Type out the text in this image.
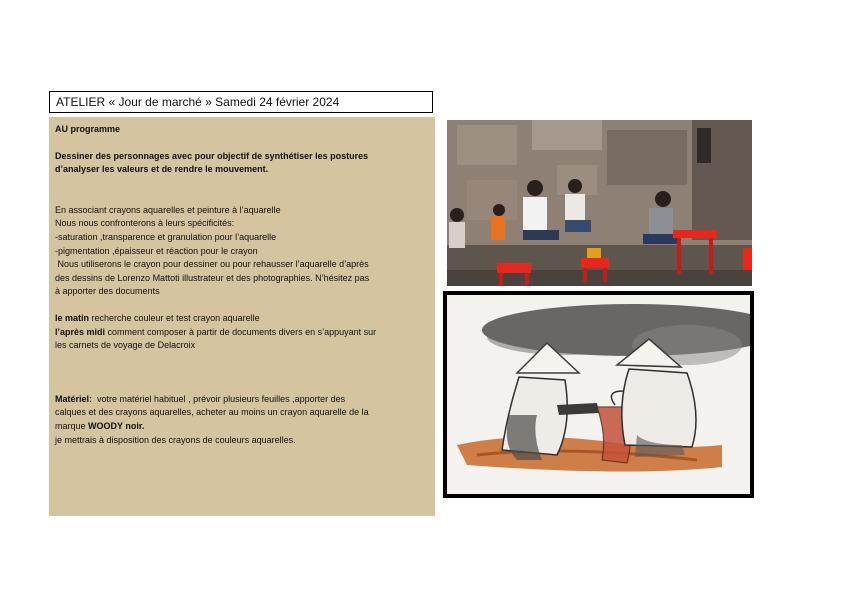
ATELIER « Jour de marché » Samedi 24 février 2024

AU programme

Dessiner des personnages avec pour objectif de synthétiser les postures

d’analyser les valeurs et de rendre le mouvement.

En associant crayons aquarelles et peinture à l’aquarelle

Nous nous confronterons à leurs spécificités:

-saturation ,transparence et granulation pour l’aquarelle

-pigmentation ,épaisseur et réaction pour le crayon

Nous utiliserons le crayon pour dessiner ou pour rehausser l’aquarelle d’après

des dessins de Lorenzo Mattoti illustrateur et des photographies. N’hésitez pas

à apporter des documents

le matin recherche couleur et test crayon aquarelle

l’après midi comment composer à partir de documents divers en s’appuyant sur

les carnets de voyage de Delacroix

Matériel:  votre matériel habituel , prévoir plusieurs feuilles ,apporter des

calques et des crayons aquarelles, acheter au moins un crayon aquarelle de la

marque WOODY noir.

je mettrais à disposition des crayons de couleurs aquarelles.
